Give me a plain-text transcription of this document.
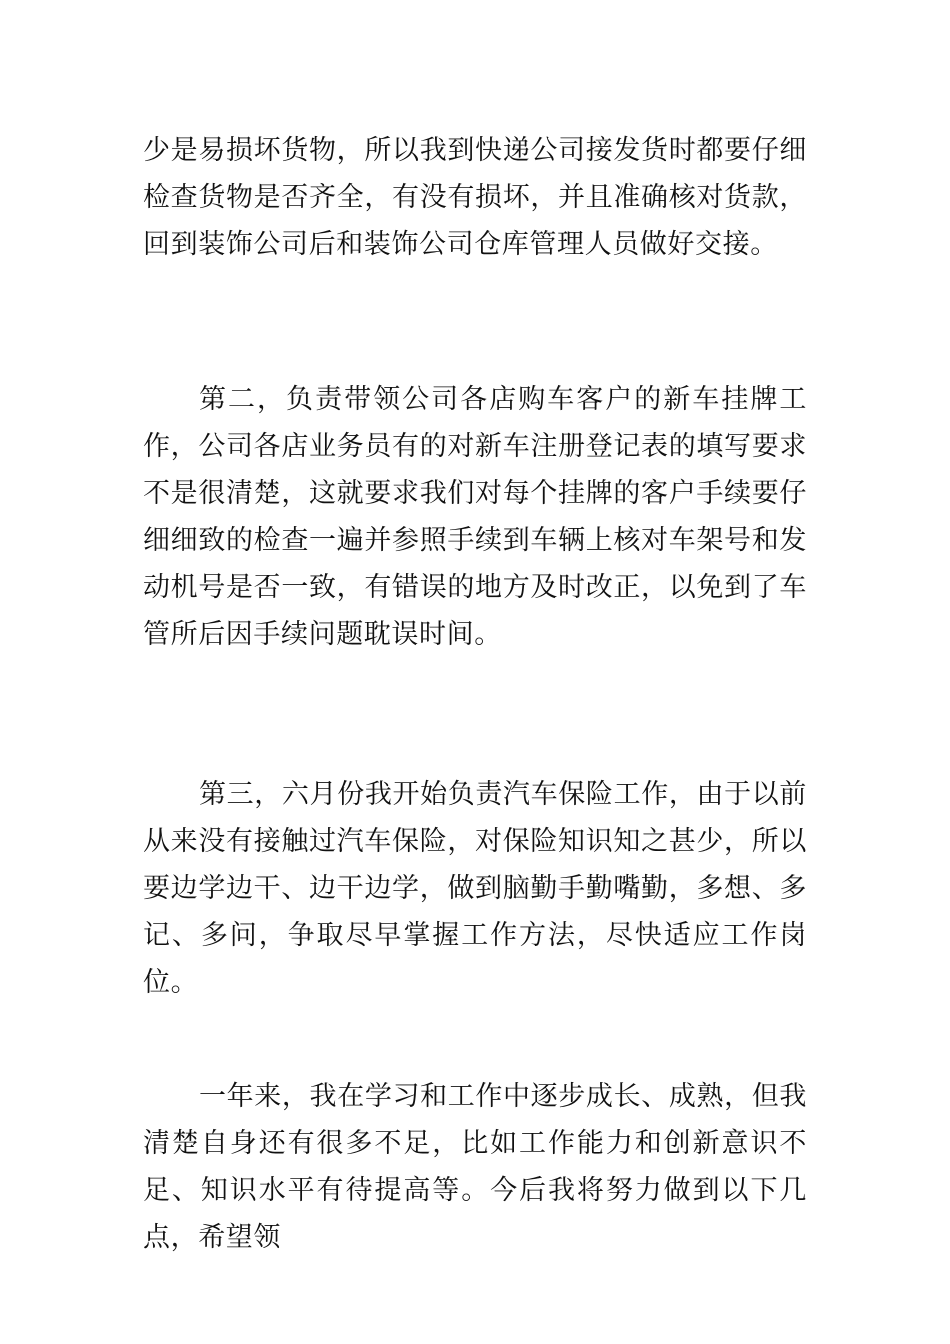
少是易损坏货物，所以我到快递公司接发货时都要仔细检查货物是否齐全，有没有损坏，并且准确核对货款，回到装饰公司后和装饰公司仓库管理人员做好交接。

第二，负责带领公司各店购车客户的新车挂牌工作，公司各店业务员有的对新车注册登记表的填写要求不是很清楚，这就要求我们对每个挂牌的客户手续要仔细细致的检查一遍并参照手续到车辆上核对车架号和发动机号是否一致，有错误的地方及时改正，以免到了车管所后因手续问题耽误时间。

第三，六月份我开始负责汽车保险工作，由于以前从来没有接触过汽车保险，对保险知识知之甚少，所以要边学边干、边干边学，做到脑勤手勤嘴勤，多想、多记、多问，争取尽早掌握工作方法，尽快适应工作岗位。

一年来，我在学习和工作中逐步成长、成熟，但我清楚自身还有很多不足，比如工作能力和创新意识不足、知识水平有待提高等。今后我将努力做到以下几点，希望领
